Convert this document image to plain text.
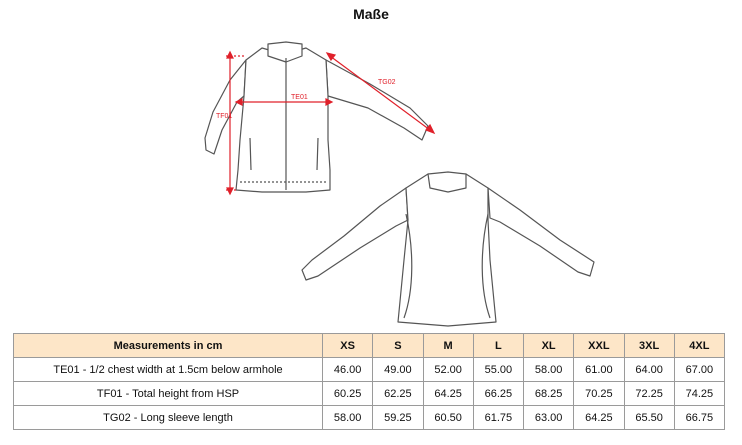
Maße
TF01
TE01
TG02
Measurements in cm	XS	S	M	L	XL	XXL	3XL	4XL
TE01 - 1/2 chest width at 1.5cm below armhole	46.00	49.00	52.00	55.00	58.00	61.00	64.00	67.00
TF01 - Total height from HSP	60.25	62.25	64.25	66.25	68.25	70.25	72.25	74.25
TG02 - Long sleeve length	58.00	59.25	60.50	61.75	63.00	64.25	65.50	66.75
